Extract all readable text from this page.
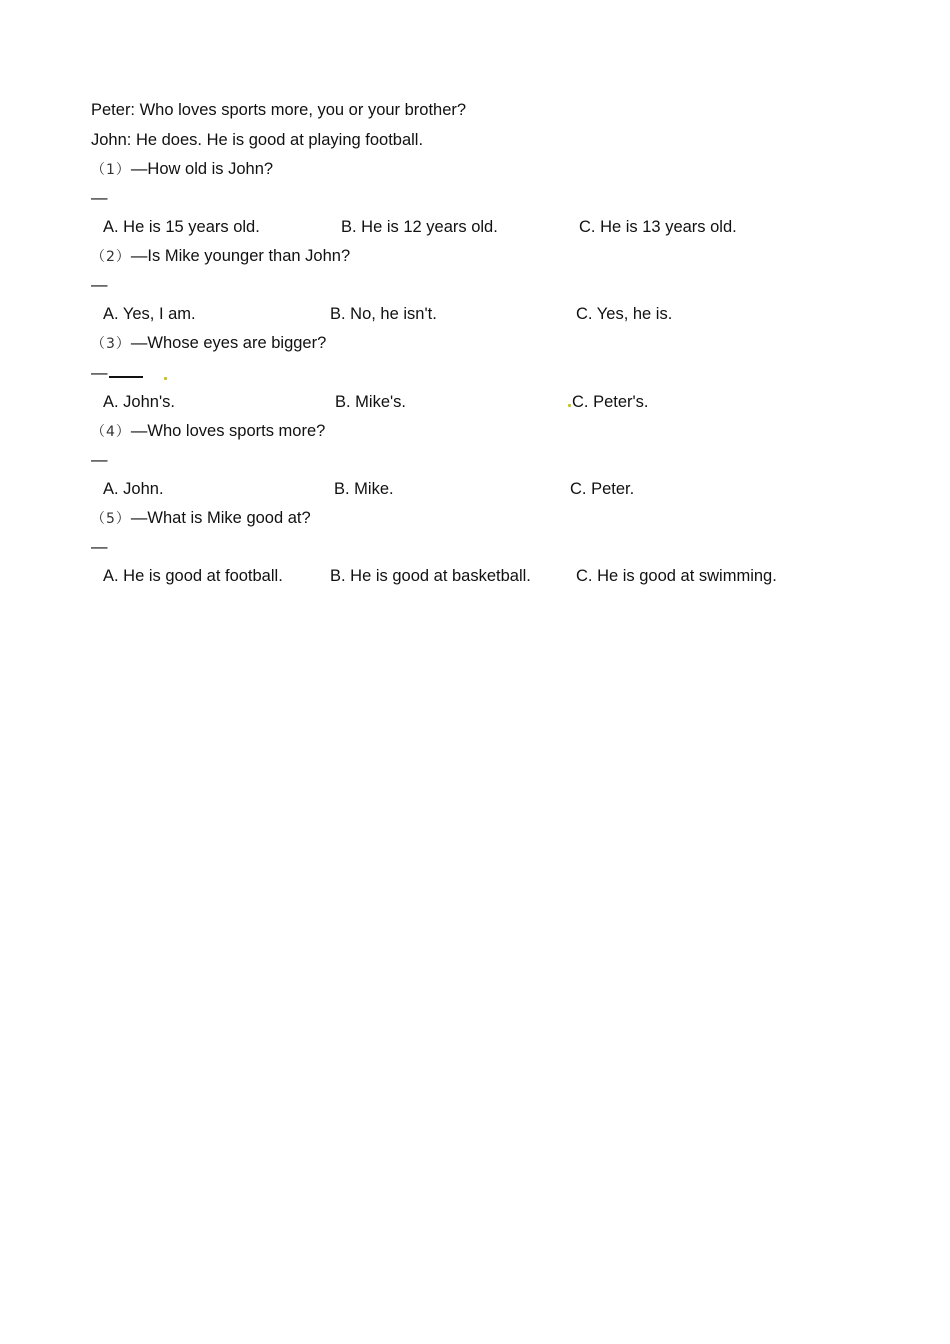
Peter: Who loves sports more, you or your brother?
John: He does. He is good at playing football.
（1）—How old is John?
—
A. He is 15 years old.	B. He is 12 years old.	C. He is 13 years old.
（2）—Is Mike younger than John?
—
A. Yes, I am.	B. No, he isn't.	C. Yes, he is.
（3）—Whose eyes are bigger?
—
A. John's.	B. Mike's.	C. Peter's.
（4）—Who loves sports more?
—
A. John.	B. Mike.	C. Peter.
（5）—What is Mike good at?
—
A. He is good at football.	B. He is good at basketball.	C. He is good at swimming.
